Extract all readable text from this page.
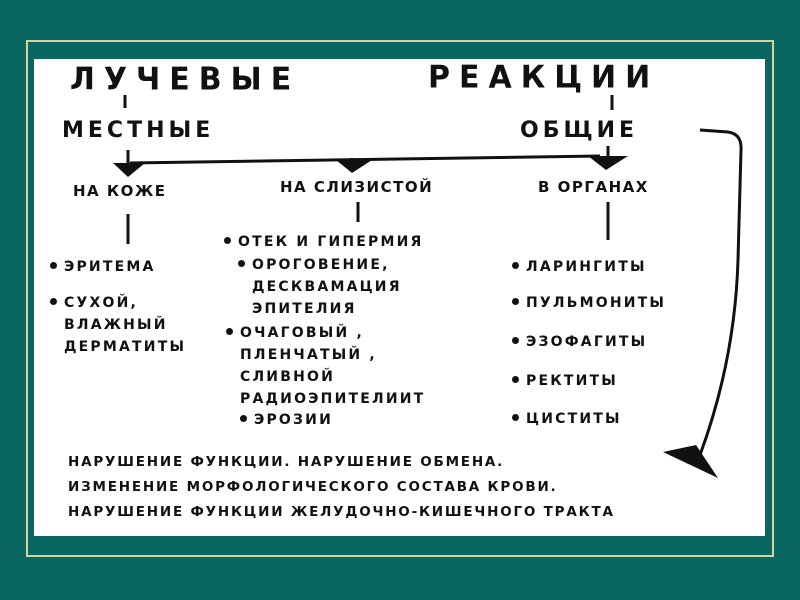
ЛУЧЕВЫЕ	РЕАКЦИИ
МЕСТНЫЕ	ОБЩИЕ
НА КОЖЕ	НА СЛИЗИСТОЙ	В ОРГАНАХ
ЭРИТЕМА
СУХОЙ,
ВЛАЖНЫЙ
ДЕРМАТИТЫ
ОТЕК И ГИПЕРМИЯ
ОРОГОВЕНИЕ,
ДЕСКВАМАЦИЯ
ЭПИТЕЛИЯ
ОЧАГОВЫЙ ,
ПЛЕНЧАТЫЙ ,
СЛИВНОЙ
РАДИОЭПИТЕЛИИТ
ЭРОЗИИ
ЛАРИНГИТЫ
ПУЛЬМОНИТЫ
ЭЗОФАГИТЫ
РЕКТИТЫ
ЦИСТИТЫ
НАРУШЕНИЕ ФУНКЦИИ. НАРУШЕНИЕ ОБМЕНА.
ИЗМЕНЕНИЕ МОРФОЛОГИЧЕСКОГО СОСТАВА КРОВИ.
НАРУШЕНИЕ ФУНКЦИИ ЖЕЛУДОЧНО-КИШЕЧНОГО ТРАКТА
